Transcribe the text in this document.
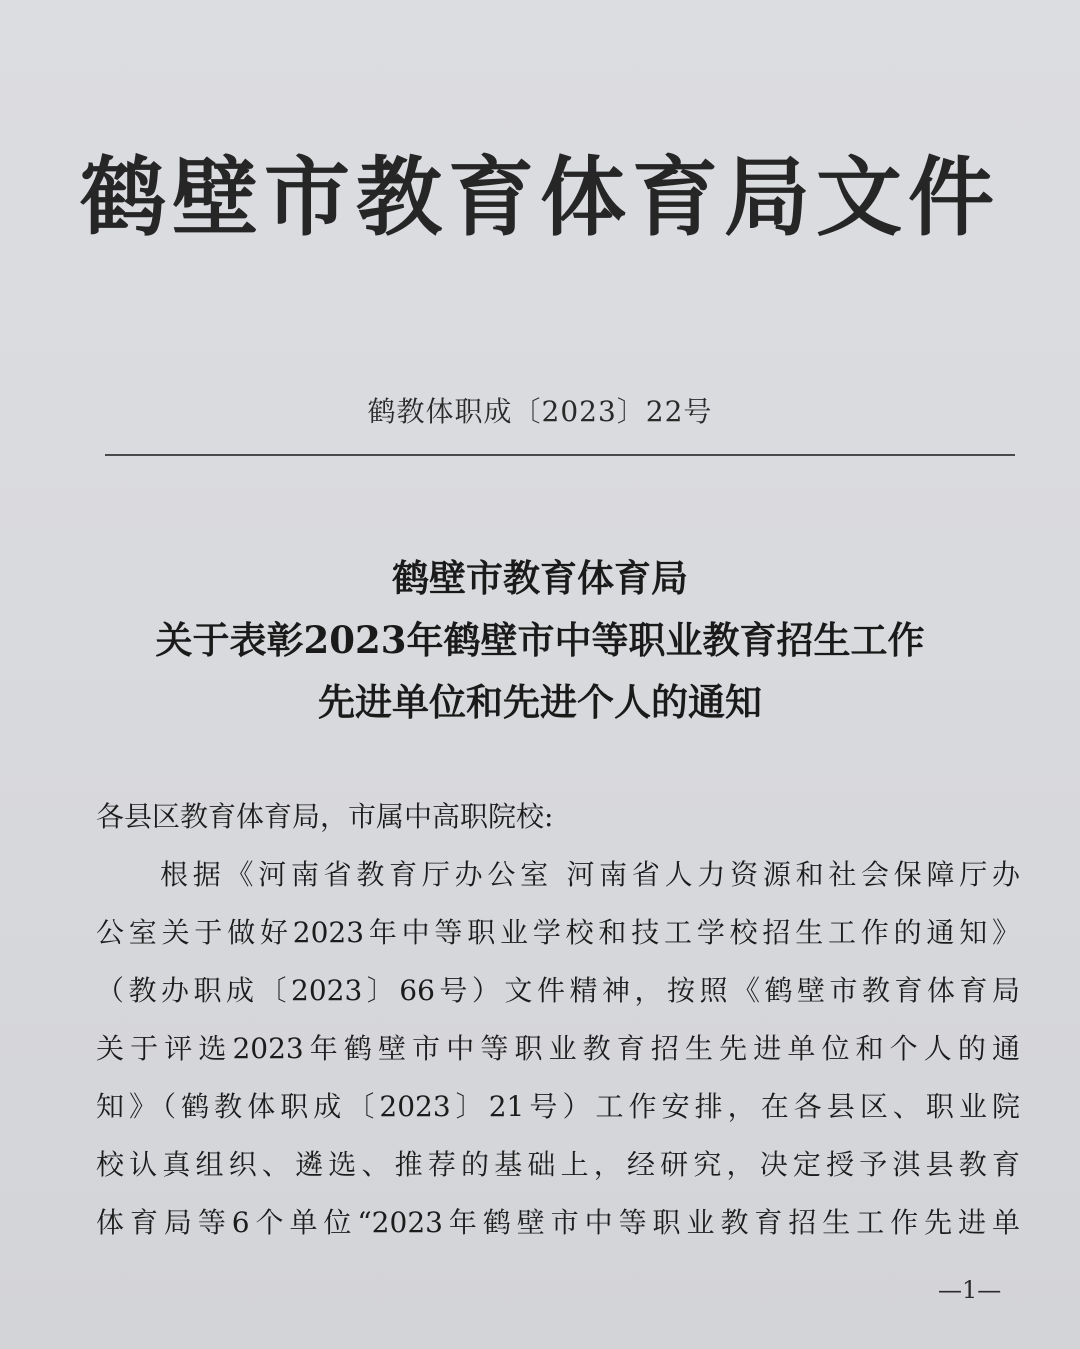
鹤壁市教育体育局文件
鹤教体职成〔2023〕22号
鹤壁市教育体育局
关于表彰2023年鹤壁市中等职业教育招生工作
先进单位和先进个人的通知
各县区教育体育局，市属中高职院校:
根据《河南省教育厅办公室 河南省人力资源和社会保障厅办
公室关于做好2023年中等职业学校和技工学校招生工作的通知》
（教办职成〔2023〕66号）文件精神，按照《鹤壁市教育体育局
关于评选2023年鹤壁市中等职业教育招生先进单位和个人的通
知》（鹤教体职成〔2023〕21号）工作安排，在各县区、职业院
校认真组织、遴选、推荐的基础上，经研究，决定授予淇县教育
体育局等6个单位“2023年鹤壁市中等职业教育招生工作先进单
—1—
